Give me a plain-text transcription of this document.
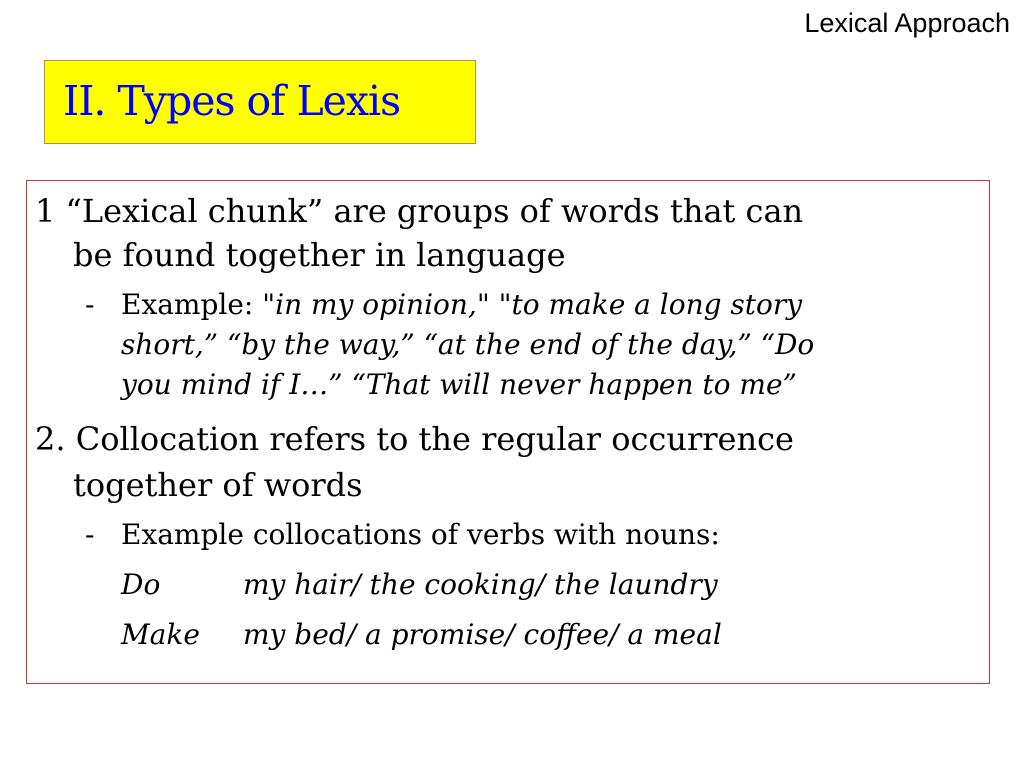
Lexical Approach
II. Types of Lexis
1 “Lexical chunk” are groups of words that can
be found together in language
- Example: "in my opinion," "to make a long story
short,” “by the way,” “at the end of the day,” “Do
you mind if I…” “That will never happen to me”
2. Collocation refers to the regular occurrence
together of words
- Example collocations of verbs with nouns:
Do	my hair/ the cooking/ the laundry
Make my bed/ a promise/ coffee/ a meal
